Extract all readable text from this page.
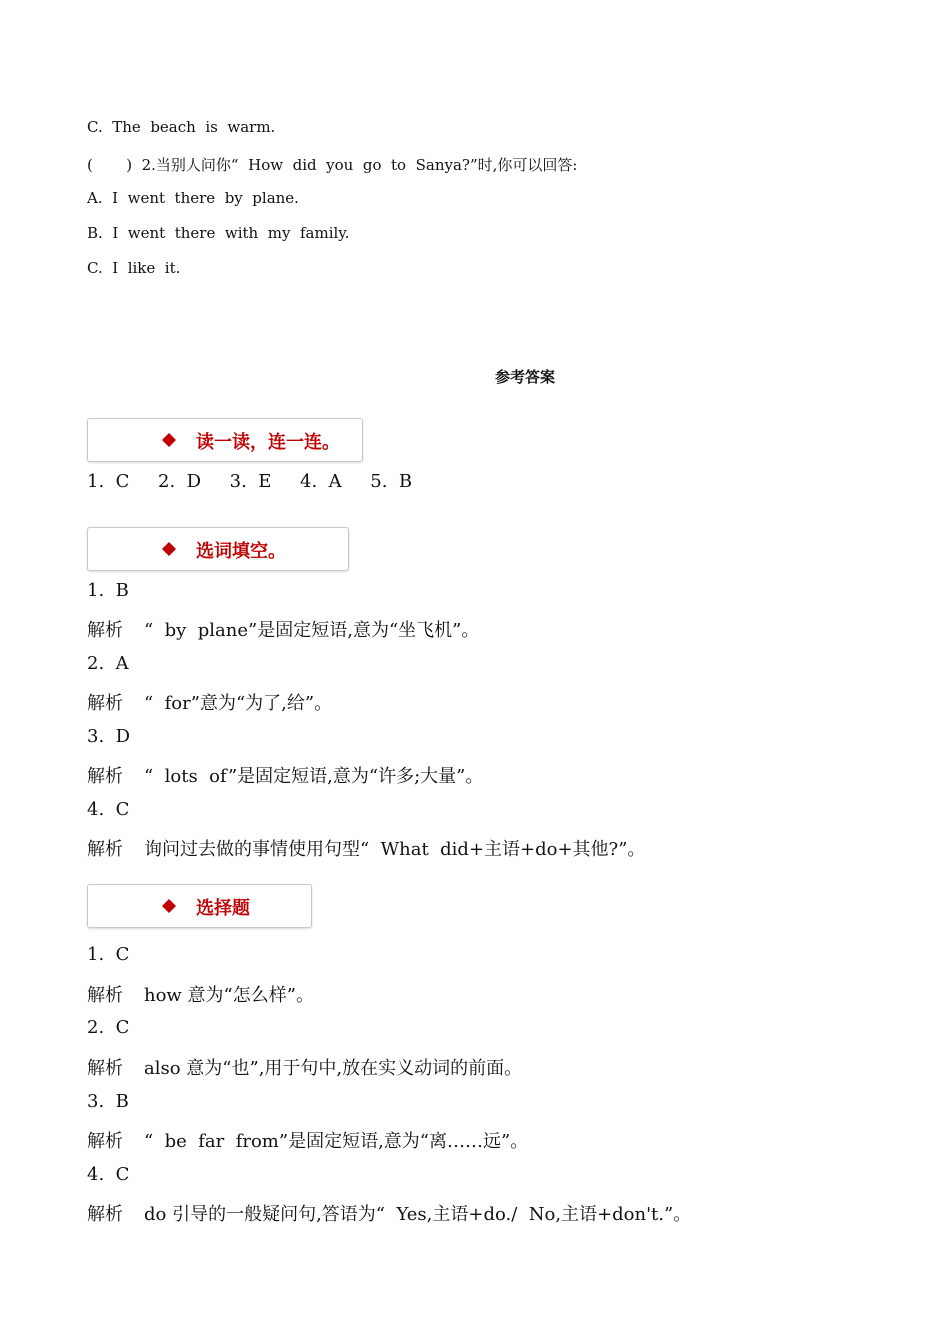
C.  The  beach  is  warm.
(       )  2.当别人问你“  How  did  you  go  to  Sanya?”时,你可以回答:
A.  I  went  there  by  plane.
B.  I  went  there  with  my  family.
C.  I  like  it.
参考答案
读一读，连一连。
1.  C     2.  D     3.  E     4.  A     5.  B
选词填空。
1.  B
解析 “  by  plane”是固定短语,意为“坐飞机”。
2.  A
解析 “  for”意为“为了,给”。
3.  D
解析 “  lots  of”是固定短语,意为“许多;大量”。
4.  C
解析 询问过去做的事情使用句型“  What  did+主语+do+其他?”。
选择题
1.  C
解析 how 意为“怎么样”。
2.  C
解析 also 意为“也”,用于句中,放在实义动词的前面。
3.  B
解析 “  be  far  from”是固定短语,意为“离……远”。
4.  C
解析 do 引导的一般疑问句,答语为“  Yes,主语+do./  No,主语+don't.”。
